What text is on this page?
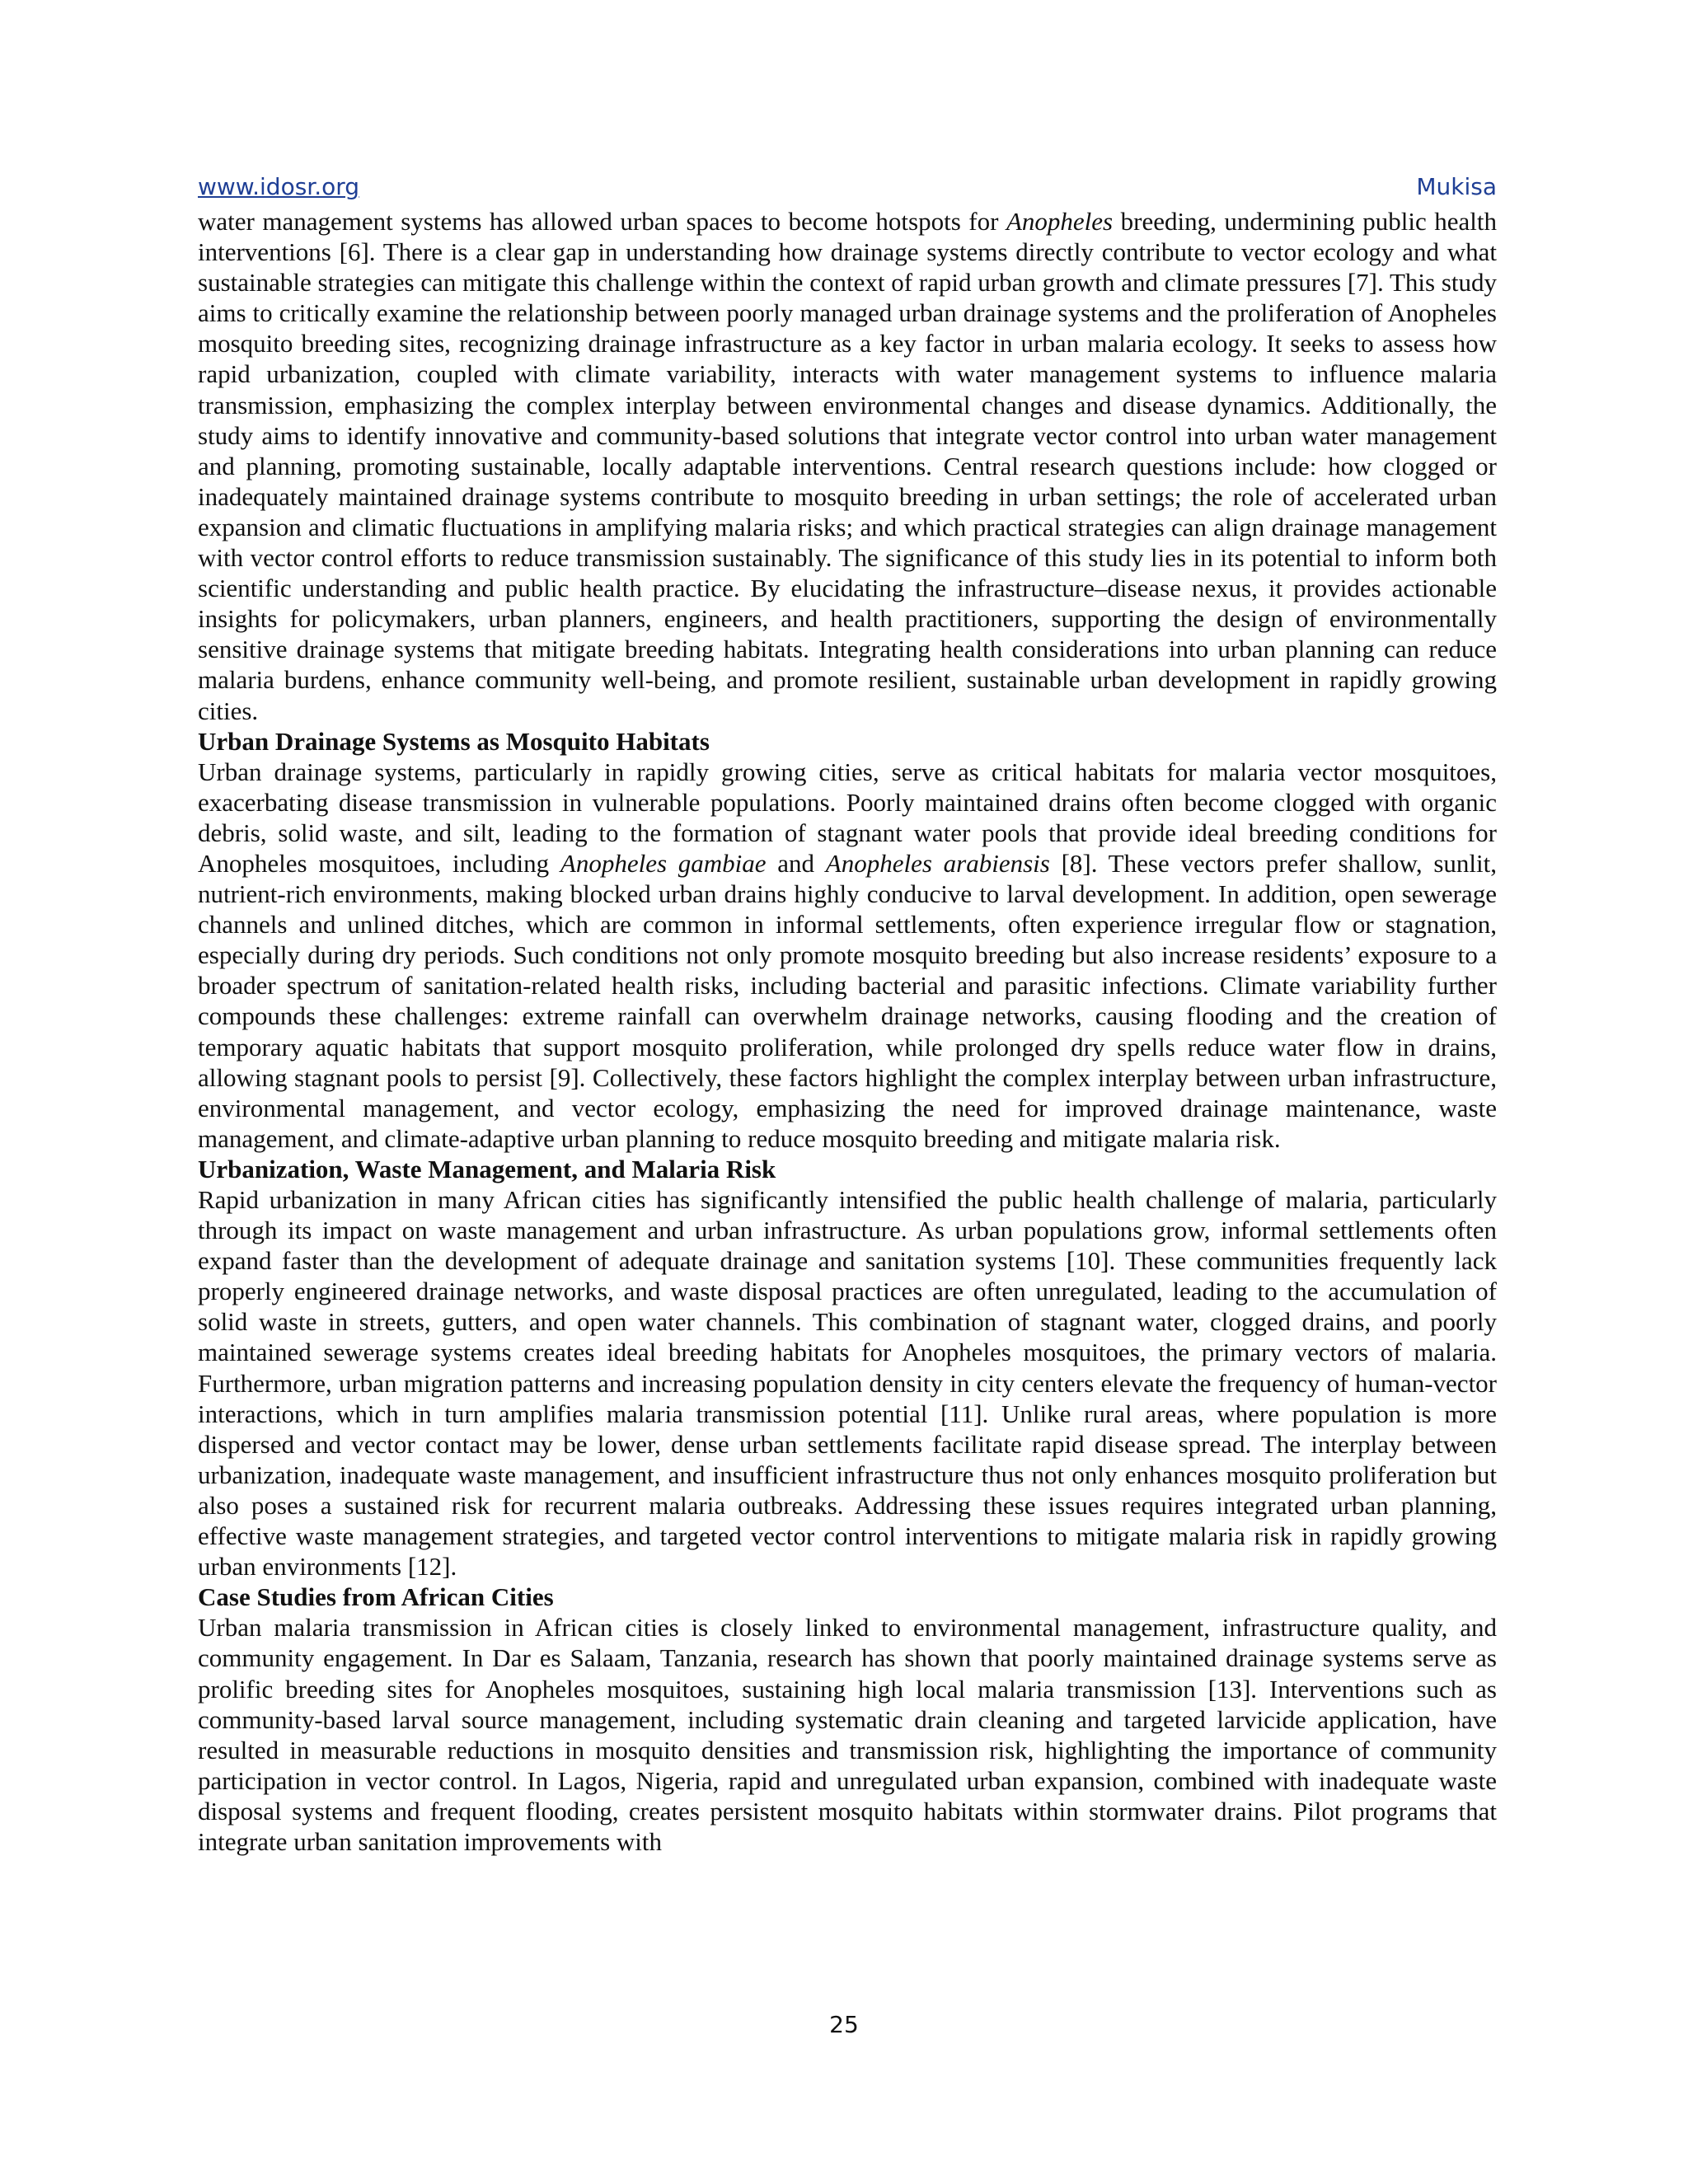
www.idosr.org	Mukisa

water management systems has allowed urban spaces to become hotspots for Anopheles breeding, undermining public health interventions [6]. There is a clear gap in understanding how drainage systems directly contribute to vector ecology and what sustainable strategies can mitigate this challenge within the context of rapid urban growth and climate pressures [7]. This study aims to critically examine the relationship between poorly managed urban drainage systems and the proliferation of Anopheles mosquito breeding sites, recognizing drainage infrastructure as a key factor in urban malaria ecology. It seeks to assess how rapid urbanization, coupled with climate variability, interacts with water management systems to influence malaria transmission, emphasizing the complex interplay between environmental changes and disease dynamics. Additionally, the study aims to identify innovative and community-based solutions that integrate vector control into urban water management and planning, promoting sustainable, locally adaptable interventions. Central research questions include: how clogged or inadequately maintained drainage systems contribute to mosquito breeding in urban settings; the role of accelerated urban expansion and climatic fluctuations in amplifying malaria risks; and which practical strategies can align drainage management with vector control efforts to reduce transmission sustainably. The significance of this study lies in its potential to inform both scientific understanding and public health practice. By elucidating the infrastructure–disease nexus, it provides actionable insights for policymakers, urban planners, engineers, and health practitioners, supporting the design of environmentally sensitive drainage systems that mitigate breeding habitats. Integrating health considerations into urban planning can reduce malaria burdens, enhance community well-being, and promote resilient, sustainable urban development in rapidly growing cities.

Urban Drainage Systems as Mosquito Habitats

Urban drainage systems, particularly in rapidly growing cities, serve as critical habitats for malaria vector mosquitoes, exacerbating disease transmission in vulnerable populations. Poorly maintained drains often become clogged with organic debris, solid waste, and silt, leading to the formation of stagnant water pools that provide ideal breeding conditions for Anopheles mosquitoes, including Anopheles gambiae and Anopheles arabiensis [8]. These vectors prefer shallow, sunlit, nutrient-rich environments, making blocked urban drains highly conducive to larval development. In addition, open sewerage channels and unlined ditches, which are common in informal settlements, often experience irregular flow or stagnation, especially during dry periods. Such conditions not only promote mosquito breeding but also increase residents’ exposure to a broader spectrum of sanitation-related health risks, including bacterial and parasitic infections. Climate variability further compounds these challenges: extreme rainfall can overwhelm drainage networks, causing flooding and the creation of temporary aquatic habitats that support mosquito proliferation, while prolonged dry spells reduce water flow in drains, allowing stagnant pools to persist [9]. Collectively, these factors highlight the complex interplay between urban infrastructure, environmental management, and vector ecology, emphasizing the need for improved drainage maintenance, waste management, and climate-adaptive urban planning to reduce mosquito breeding and mitigate malaria risk.

Urbanization, Waste Management, and Malaria Risk

Rapid urbanization in many African cities has significantly intensified the public health challenge of malaria, particularly through its impact on waste management and urban infrastructure. As urban populations grow, informal settlements often expand faster than the development of adequate drainage and sanitation systems [10]. These communities frequently lack properly engineered drainage networks, and waste disposal practices are often unregulated, leading to the accumulation of solid waste in streets, gutters, and open water channels. This combination of stagnant water, clogged drains, and poorly maintained sewerage systems creates ideal breeding habitats for Anopheles mosquitoes, the primary vectors of malaria. Furthermore, urban migration patterns and increasing population density in city centers elevate the frequency of human-vector interactions, which in turn amplifies malaria transmission potential [11]. Unlike rural areas, where population is more dispersed and vector contact may be lower, dense urban settlements facilitate rapid disease spread. The interplay between urbanization, inadequate waste management, and insufficient infrastructure thus not only enhances mosquito proliferation but also poses a sustained risk for recurrent malaria outbreaks. Addressing these issues requires integrated urban planning, effective waste management strategies, and targeted vector control interventions to mitigate malaria risk in rapidly growing urban environments [12].

Case Studies from African Cities

Urban malaria transmission in African cities is closely linked to environmental management, infrastructure quality, and community engagement. In Dar es Salaam, Tanzania, research has shown that poorly maintained drainage systems serve as prolific breeding sites for Anopheles mosquitoes, sustaining high local malaria transmission [13]. Interventions such as community-based larval source management, including systematic drain cleaning and targeted larvicide application, have resulted in measurable reductions in mosquito densities and transmission risk, highlighting the importance of community participation in vector control. In Lagos, Nigeria, rapid and unregulated urban expansion, combined with inadequate waste disposal systems and frequent flooding, creates persistent mosquito habitats within stormwater drains. Pilot programs that integrate urban sanitation improvements with

25
